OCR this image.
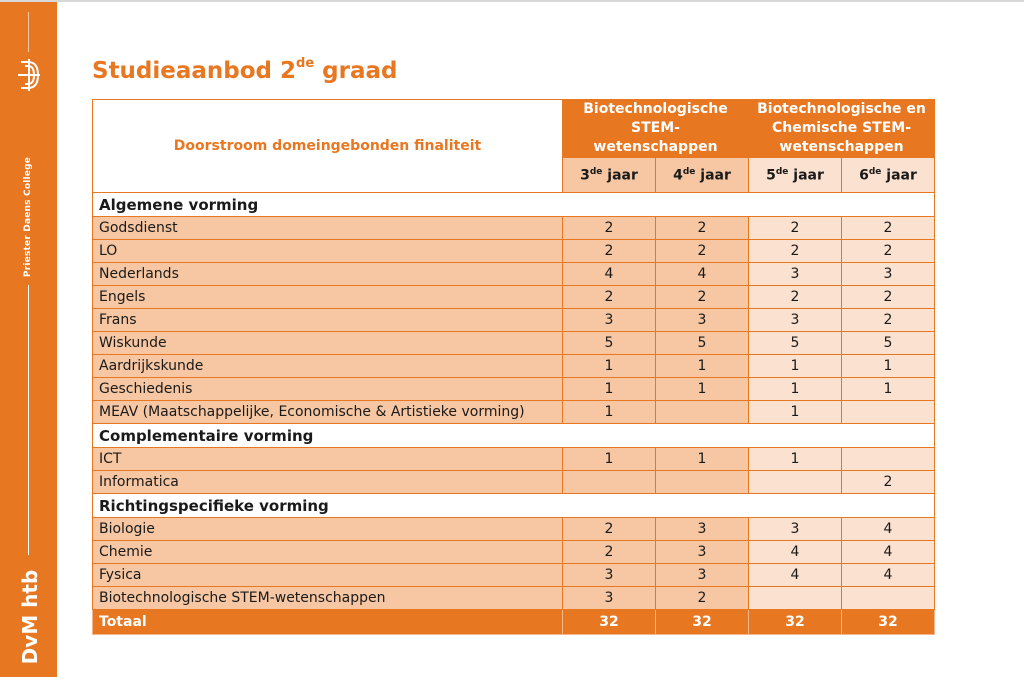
Priester Daens College
DvM htb
Studieaanbod 2de graad
Doorstroom domeingebonden finaliteit	Biotechnologische STEM-wetenschappen		Biotechnologische en Chemische STEM-wetenschappen	
	3de jaar	4de jaar	5de jaar	6de jaar
Algemene vorming				
Godsdienst	2	2	2	2
LO	2	2	2	2
Nederlands	4	4	3	3
Engels	2	2	2	2
Frans	3	3	3	2
Wiskunde	5	5	5	5
Aardrijkskunde	1	1	1	1
Geschiedenis	1	1	1	1
MEAV (Maatschappelijke, Economische & Artistieke vorming)	1		1	
Complementaire vorming				
ICT	1	1	1	
Informatica				2
Richtingspecifieke vorming				
Biologie	2	3	3	4
Chemie	2	3	4	4
Fysica	3	3	4	4
Biotechnologische STEM-wetenschappen	3	2		
Totaal	32	32	32	32
